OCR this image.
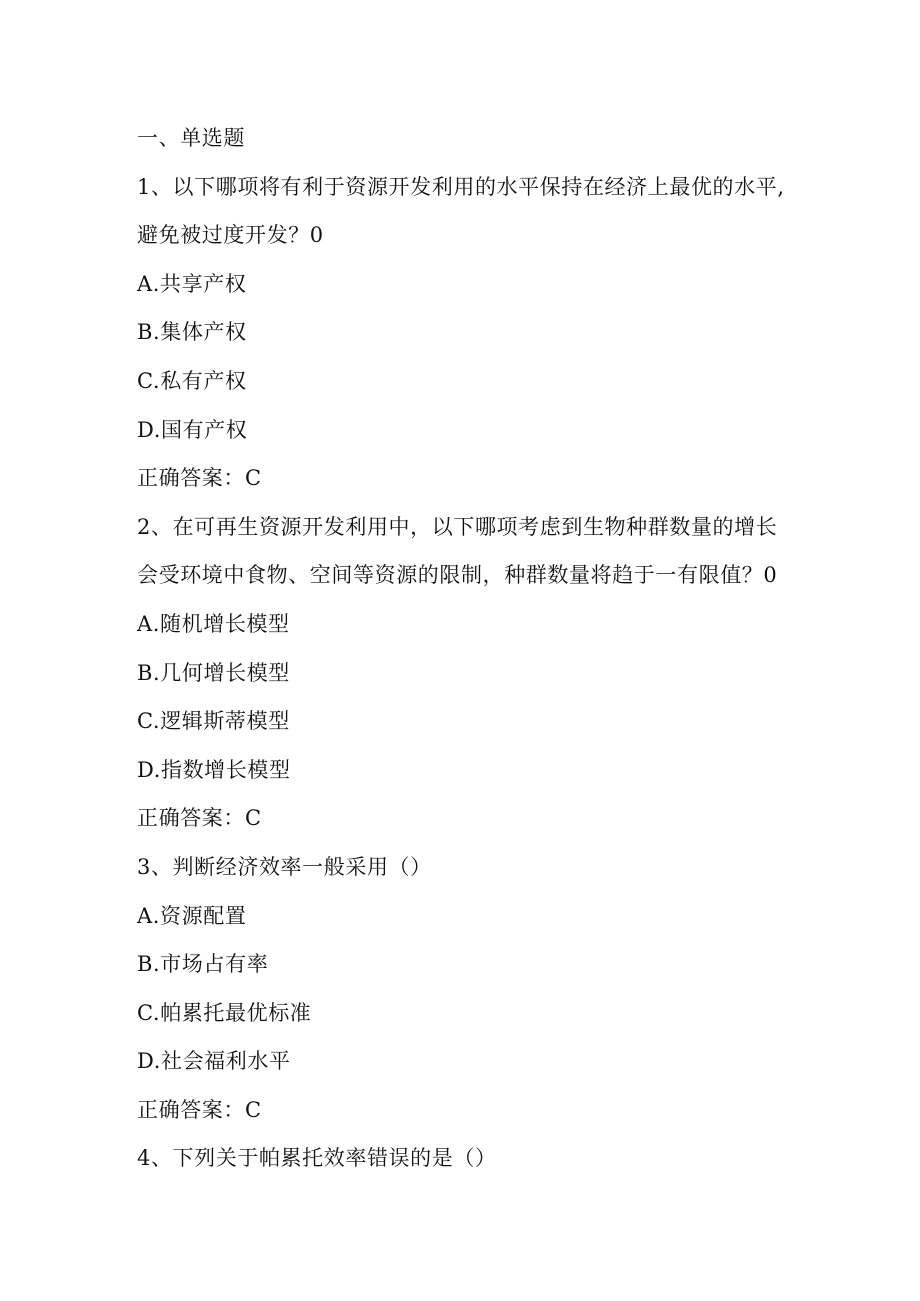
一、单选题
1、以下哪项将有利于资源开发利用的水平保持在经济上最优的水平,避免被过度开发？0
A.共享产权
B.集体产权
C.私有产权
D.国有产权
正确答案：C
2、在可再生资源开发利用中，以下哪项考虑到生物种群数量的增长会受环境中食物、空间等资源的限制，种群数量将趋于一有限值？0
A.随机增长模型
B.几何增长模型
C.逻辑斯蒂模型
D.指数增长模型
正确答案：C
3、判断经济效率一般采用（）
A.资源配置
B.市场占有率
C.帕累托最优标准
D.社会福利水平
正确答案：C
4、下列关于帕累托效率错误的是（）
